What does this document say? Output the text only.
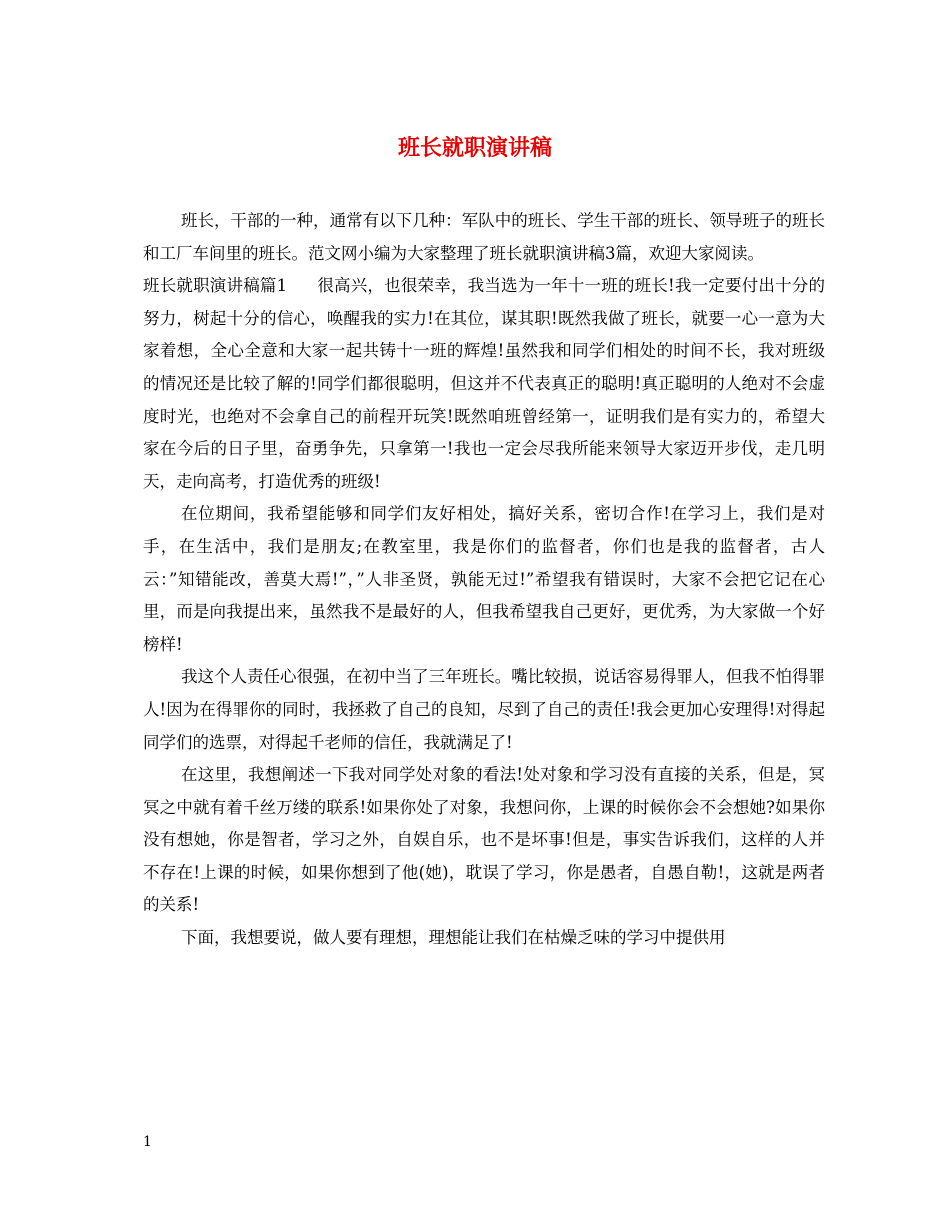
班长就职演讲稿

班长，干部的一种，通常有以下几种：军队中的班长、学生干部的班长、领导班子的班长和工厂车间里的班长。范文网小编为大家整理了班长就职演讲稿3篇，欢迎大家阅读。

班长就职演讲稿篇1 很高兴，也很荣幸，我当选为一年十一班的班长!我一定要付出十分的努力，树起十分的信心，唤醒我的实力!在其位，谋其职!既然我做了班长，就要一心一意为大家着想，全心全意和大家一起共铸十一班的辉煌!虽然我和同学们相处的时间不长，我对班级的情况还是比较了解的!同学们都很聪明，但这并不代表真正的聪明!真正聪明的人绝对不会虚度时光，也绝对不会拿自己的前程开玩笑!既然咱班曾经第一，证明我们是有实力的，希望大家在今后的日子里，奋勇争先，只拿第一!我也一定会尽我所能来领导大家迈开步伐，走几明天，走向高考，打造优秀的班级!

在位期间，我希望能够和同学们友好相处，搞好关系，密切合作!在学习上，我们是对手，在生活中，我们是朋友;在教室里，我是你们的监督者，你们也是我的监督者，古人云：”知错能改，善莫大焉!”，”人非圣贤，孰能无过!”希望我有错误时，大家不会把它记在心里，而是向我提出来，虽然我不是最好的人，但我希望我自己更好，更优秀，为大家做一个好榜样!

我这个人责任心很强，在初中当了三年班长。嘴比较损，说话容易得罪人，但我不怕得罪人!因为在得罪你的同时，我拯救了自己的良知，尽到了自己的责任!我会更加心安理得!对得起同学们的选票，对得起千老师的信任，我就满足了!

在这里，我想阐述一下我对同学处对象的看法!处对象和学习没有直接的关系，但是，冥冥之中就有着千丝万缕的联系!如果你处了对象，我想问你，上课的时候你会不会想她?如果你没有想她，你是智者，学习之外，自娱自乐，也不是坏事!但是，事实告诉我们，这样的人并不存在!上课的时候，如果你想到了他(她)，耽误了学习，你是愚者，自愚自勒!，这就是两者的关系!

下面，我想要说，做人要有理想，理想能让我们在枯燥乏味的学习中提供用

1
